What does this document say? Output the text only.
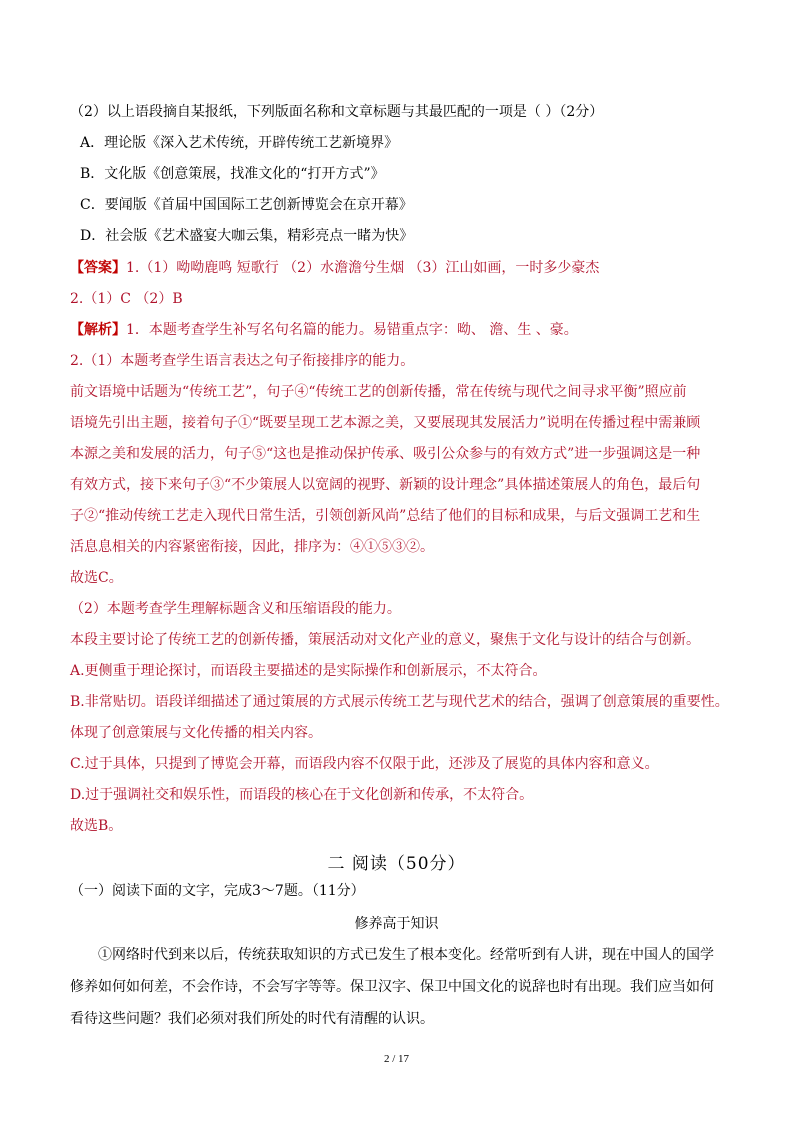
（2）以上语段摘自某报纸，下列版面名称和文章标题与其最匹配的一项是（ ）（2分）
A．理论版《深入艺术传统，开辟传统工艺新境界》
B．文化版《创意策展，找准文化的“打开方式”》
C．要闻版《首届中国国际工艺创新博览会在京开幕》
D．社会版《艺术盛宴大咖云集，精彩亮点一睹为快》
【答案】1.（1）呦呦鹿鸣 短歌行 （2）水澹澹兮生烟 （3）江山如画，一时多少豪杰
2.（1）C （2）B
【解析】1．本题考查学生补写名句名篇的能力。易错重点字：呦、 澹、生 、豪。
2.（1）本题考查学生语言表达之句子衔接排序的能力。
前文语境中话题为“传统工艺”，句子④“传统工艺的创新传播，常在传统与现代之间寻求平衡”照应前
语境先引出主题，接着句子①“既要呈现工艺本源之美，又要展现其发展活力”说明在传播过程中需兼顾
本源之美和发展的活力，句子⑤“这也是推动保护传承、吸引公众参与的有效方式”进一步强调这是一种
有效方式，接下来句子③“不少策展人以宽阔的视野、新颖的设计理念”具体描述策展人的角色，最后句
子②“推动传统工艺走入现代日常生活，引领创新风尚”总结了他们的目标和成果，与后文强调工艺和生
活息息相关的内容紧密衔接，因此，排序为：④①⑤③②。
故选C。
（2）本题考查学生理解标题含义和压缩语段的能力。
本段主要讨论了传统工艺的创新传播，策展活动对文化产业的意义，聚焦于文化与设计的结合与创新。
A.更侧重于理论探讨，而语段主要描述的是实际操作和创新展示，不太符合。
B.非常贴切。语段详细描述了通过策展的方式展示传统工艺与现代艺术的结合，强调了创意策展的重要性。
体现了创意策展与文化传播的相关内容。
C.过于具体，只提到了博览会开幕，而语段内容不仅限于此，还涉及了展览的具体内容和意义。
D.过于强调社交和娱乐性，而语段的核心在于文化创新和传承，不太符合。
故选B。
二 阅读（50分）
（一）阅读下面的文字，完成3～7题。（11分）
修养高于知识
①网络时代到来以后，传统获取知识的方式已发生了根本变化。经常听到有人讲，现在中国人的国学
修养如何如何差，不会作诗，不会写字等等。保卫汉字、保卫中国文化的说辞也时有出现。我们应当如何
看待这些问题？我们必须对我们所处的时代有清醒的认识。
2 / 17
